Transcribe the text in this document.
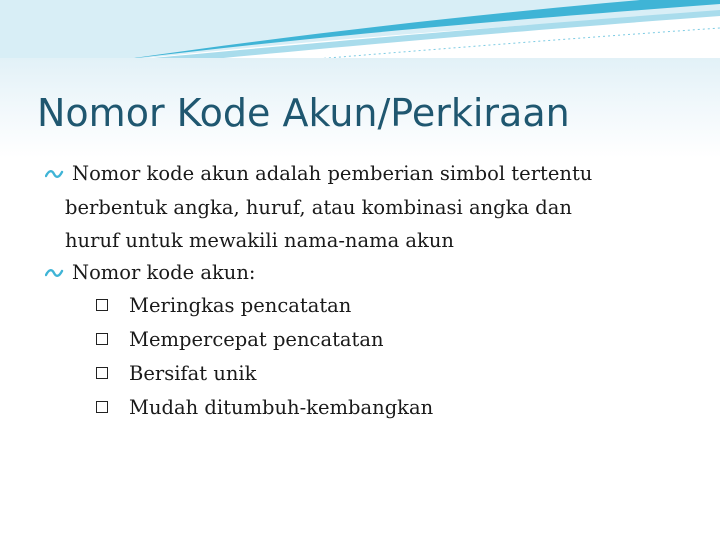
Nomor Kode Akun/Perkiraan
Nomor kode akun adalah pemberian simbol tertentu
berbentuk angka, huruf, atau kombinasi angka dan
huruf untuk mewakili nama-nama akun
Nomor kode akun:
Meringkas pencatatan
Mempercepat pencatatan
Bersifat unik
Mudah ditumbuh-kembangkan
